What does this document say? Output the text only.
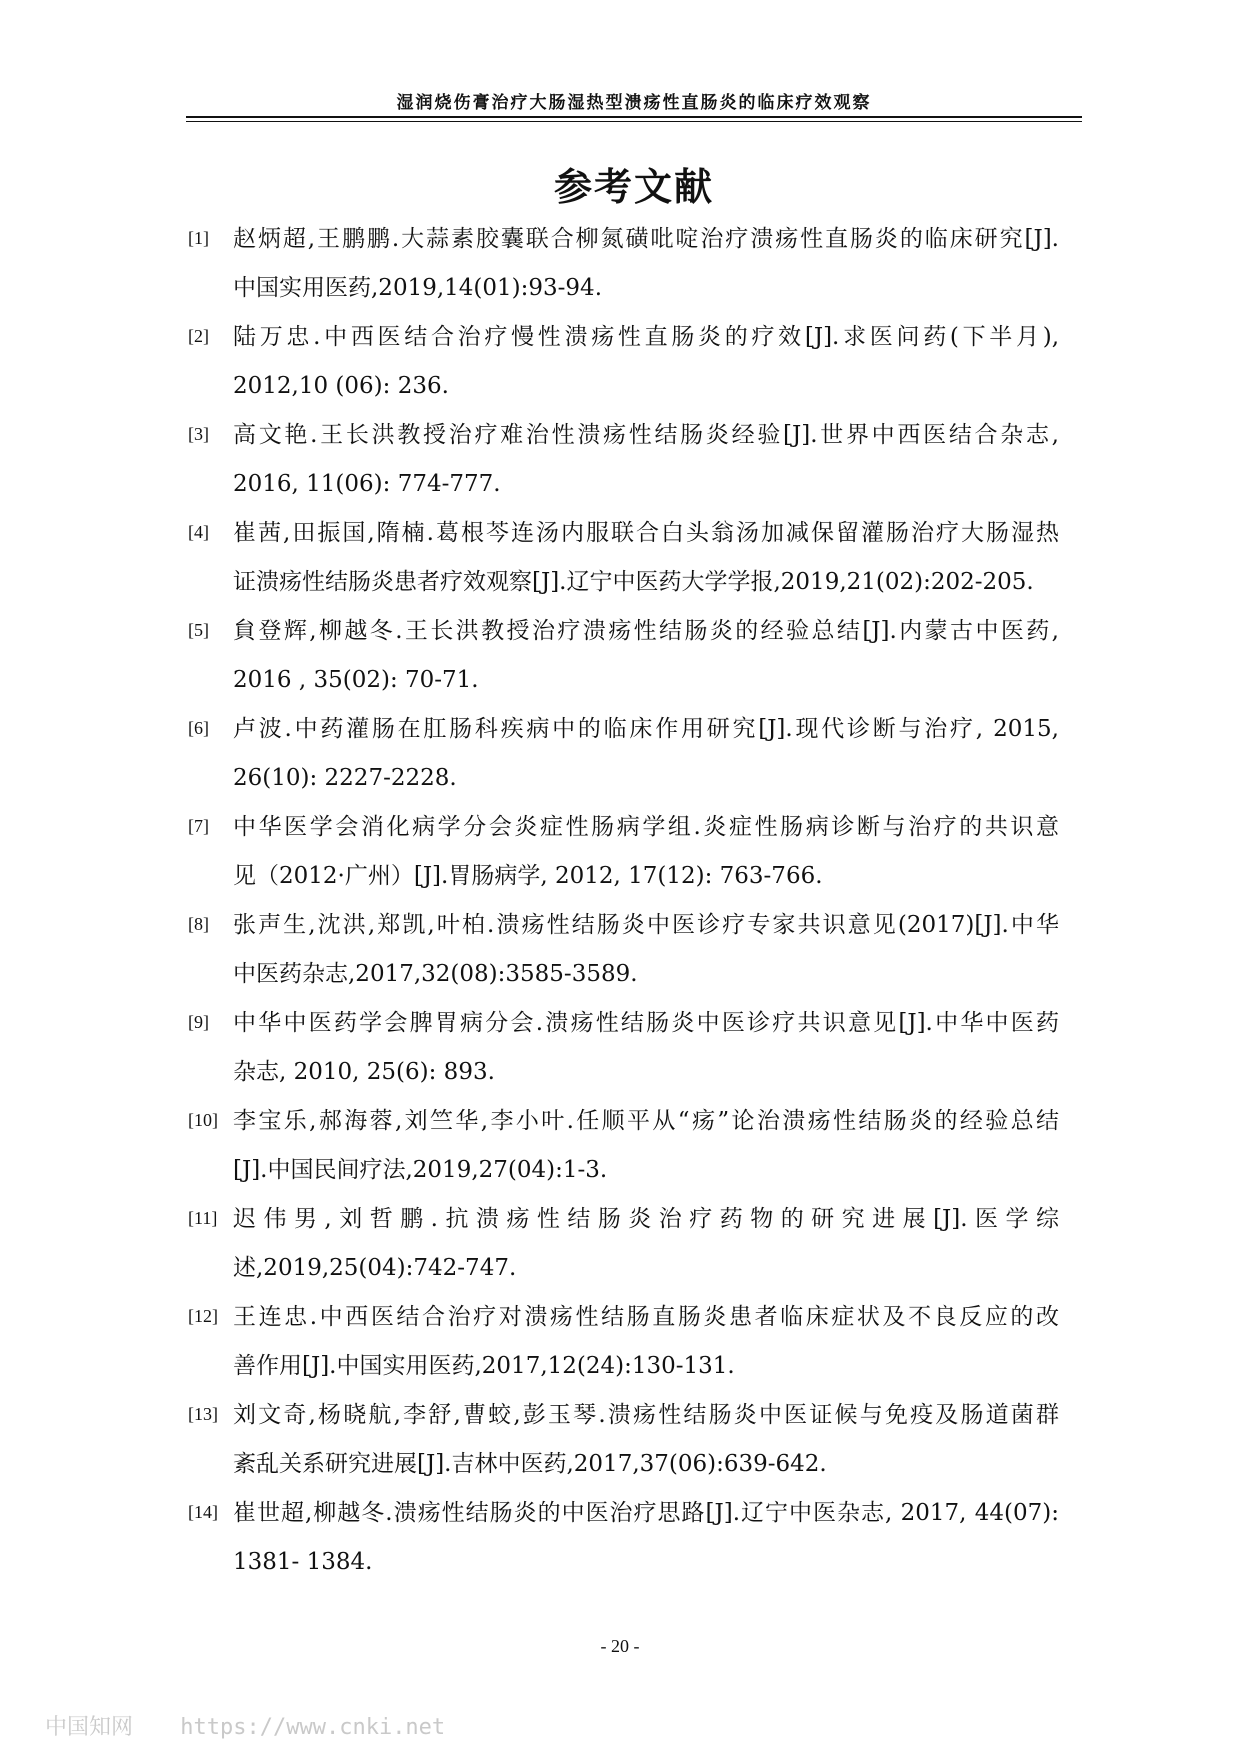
湿润烧伤膏治疗大肠湿热型溃疡性直肠炎的临床疗效观察
参考文献
[1] 赵炳超,王鹏鹏.大蒜素胶囊联合柳氮磺吡啶治疗溃疡性直肠炎的临床研究[J].
中国实用医药,2019,14(01):93-94.
[2] 陆万忠.中西医结合治疗慢性溃疡性直肠炎的疗效[J].求医问药(下半月),
2012,10 (06): 236.
[3] 高文艳.王长洪教授治疗难治性溃疡性结肠炎经验[J].世界中西医结合杂志,
2016, 11(06): 774-777.
[4] 崔茜,田振国,隋楠.葛根芩连汤内服联合白头翁汤加减保留灌肠治疗大肠湿热
证溃疡性结肠炎患者疗效观察[J].辽宁中医药大学学报,2019,21(02):202-205.
[5] 貟登辉,柳越冬.王长洪教授治疗溃疡性结肠炎的经验总结[J].内蒙古中医药,
2016 , 35(02): 70-71.
[6] 卢波.中药灌肠在肛肠科疾病中的临床作用研究[J].现代诊断与治疗, 2015,
26(10): 2227-2228.
[7] 中华医学会消化病学分会炎症性肠病学组.炎症性肠病诊断与治疗的共识意
见（2012·广州）[J].胃肠病学, 2012, 17(12): 763-766.
[8] 张声生,沈洪,郑凯,叶柏.溃疡性结肠炎中医诊疗专家共识意见(2017)[J].中华
中医药杂志,2017,32(08):3585-3589.
[9] 中华中医药学会脾胃病分会.溃疡性结肠炎中医诊疗共识意见[J].中华中医药
杂志, 2010, 25(6): 893.
[10] 李宝乐,郝海蓉,刘竺华,李小叶.任顺平从“疡”论治溃疡性结肠炎的经验总结
[J].中国民间疗法,2019,27(04):1-3.
[11] 迟伟男,刘哲鹏.抗溃疡性结肠炎治疗药物的研究进展[J].医学综
述,2019,25(04):742-747.
[12] 王连忠.中西医结合治疗对溃疡性结肠直肠炎患者临床症状及不良反应的改
善作用[J].中国实用医药,2017,12(24):130-131.
[13] 刘文奇,杨晓航,李舒,曹蛟,彭玉琴.溃疡性结肠炎中医证候与免疫及肠道菌群
紊乱关系研究进展[J].吉林中医药,2017,37(06):639-642.
[14] 崔世超,柳越冬.溃疡性结肠炎的中医治疗思路[J].辽宁中医杂志, 2017, 44(07):
1381- 1384.
- 20 -
中国知网 https://www.cnki.net
